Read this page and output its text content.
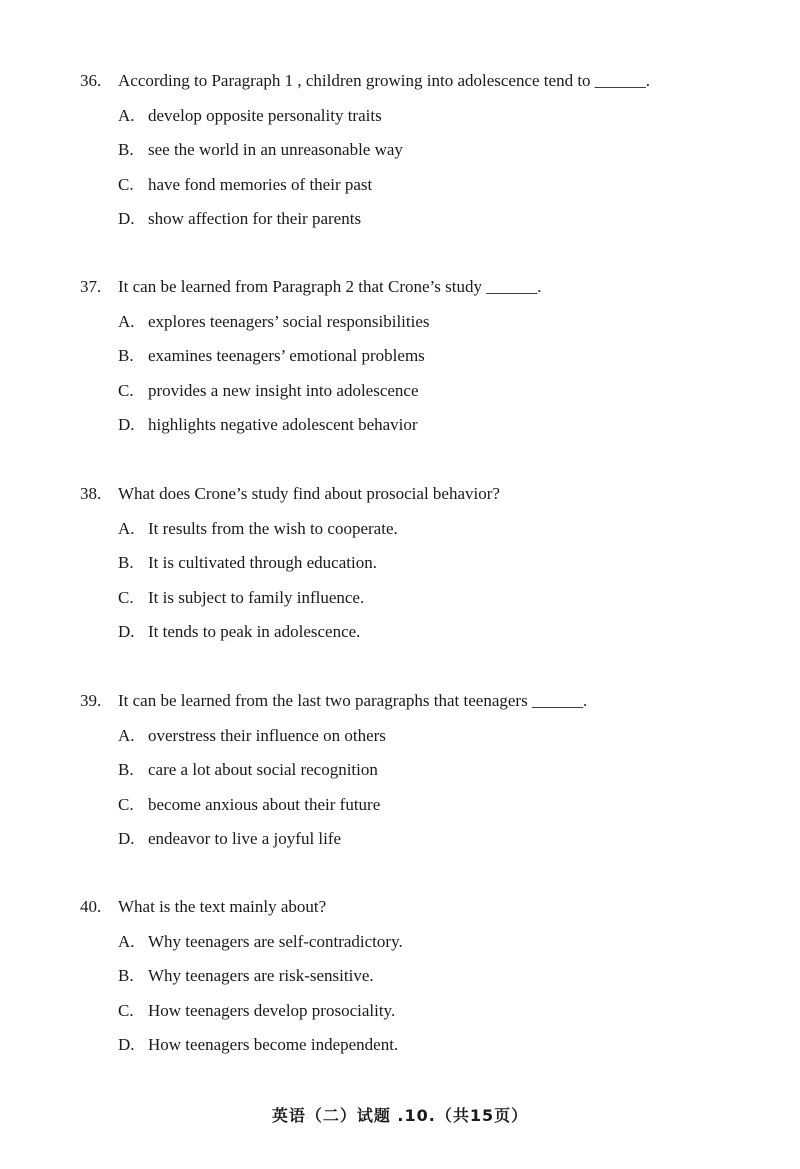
36. According to Paragraph 1 , children growing into adolescence tend to ______.
A. develop opposite personality traits
B. see the world in an unreasonable way
C. have fond memories of their past
D. show affection for their parents
37. It can be learned from Paragraph 2 that Crone’s study ______.
A. explores teenagers’ social responsibilities
B. examines teenagers’ emotional problems
C. provides a new insight into adolescence
D. highlights negative adolescent behavior
38. What does Crone’s study find about prosocial behavior?
A. It results from the wish to cooperate.
B. It is cultivated through education.
C. It is subject to family influence.
D. It tends to peak in adolescence.
39. It can be learned from the last two paragraphs that teenagers ______.
A. overstress their influence on others
B. care a lot about social recognition
C. become anxious about their future
D. endeavor to live a joyful life
40. What is the text mainly about?
A. Why teenagers are self-contradictory.
B. Why teenagers are risk-sensitive.
C. How teenagers develop prosociality.
D. How teenagers become independent.
英语（二）试题 .10.（共15页）
